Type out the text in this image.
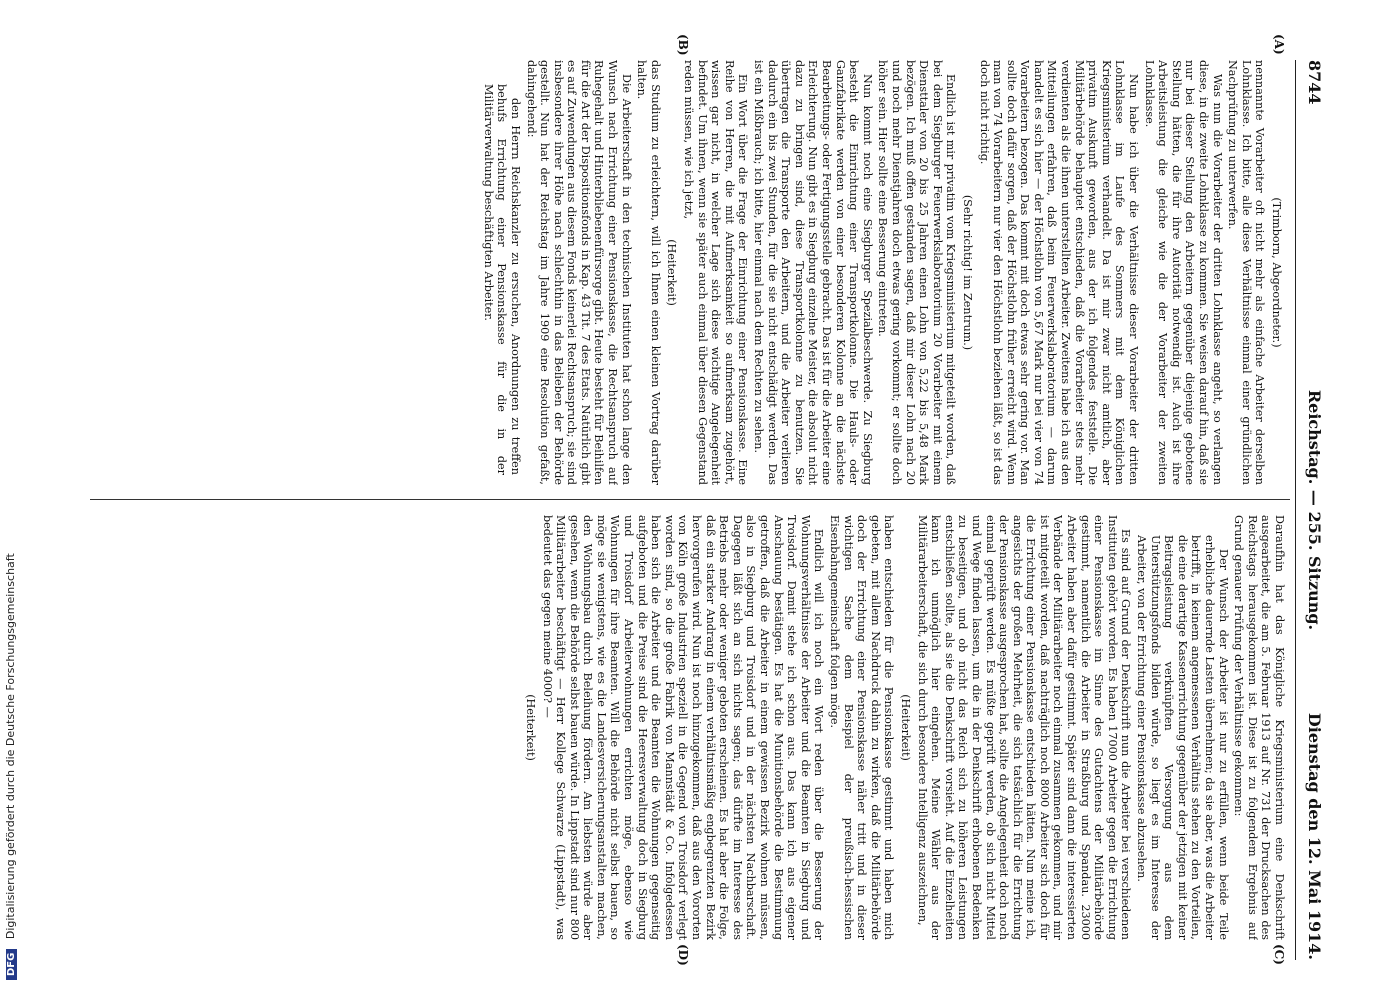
8744
Reichstag. — 255. Sitzung.
Dienstag den 12. Mai 1914.
(A)
(B)
(C)
(D)

(Trimborn, Abgeordneter.)

nennannte Vorarbeiter oft nicht mehr als einfache Arbeiter derselben Lohnklasse. Ich bitte, alle diese Verhältnisse einmal einer gründlichen Nachprüfung zu unterwerfen.

Was nun die Vorarbeiter der dritten Lohnklasse angeht, so verlangen diese, in die zweite Lohnklasse zu kommen. Sie weisen darauf hin, daß sie nur bei dieser Stellung den Arbeitern gegenüber diejenige gebotene Stellung hätten, die für ihre Autorität notwendig ist. Auch ist ihre Arbeitsleistung die gleiche wie die der Vorarbeiter der zweiten Lohnklasse.

Nun habe ich über die Verhältnisse dieser Vorarbeiter der dritten Lohnklasse im Laufe des Sommers mit dem Königlichen Kriegsministerium verhandelt. Da ist mir zwar nicht amtlich, aber privatim Auskunft geworden, aus der ich folgendes feststelle. Die Militärbehörde behauptet entschieden, daß die Vorarbeiter stets mehr verdienten als die ihnen unterstellten Arbeiter. Zweitens habe ich aus den Mitteilungen erfahren, daß beim Feuerwerkslaboratorium — darum handelt es sich hier — der Höchstlohn von 5,67 Mark nur bei vier von 74 Vorarbeitern bezogen. Das kommt mit doch etwas sehr gering vor. Man sollte doch dafür sorgen, daß der Höchstlohn früher erreicht wird. Wenn man von 74 Vorarbeitern nur vier den Höchstlohn beziehen läßt, so ist das doch nicht richtig.

(Sehr richtig! im Zentrum.)

Endlich ist mir privatim vom Kriegsministerium mitgeteilt worden, daß bei dem Siegburger Feuerwerkslaboratorium 20 Vorarbeiter mit einem Diensttaler von 20 bis 25 Jahren einen Lohn von 5,22 bis 5,48 Mark bezögen. Ich muß offen gestanden sagen, daß mir dieser Lohn nach 20 und noch mehr Dienstjahren doch etwas gering vorkommt; er sollte doch höher sein. Hier sollte eine Besserung eintreten.

Nun kommt noch eine Siegburger Spezialbeschwerde. Zu Siegburg besteht die Einrichtung einer Transportkolonne. Die Hauls- oder Ganzfabrikate werden von einer besonderen Kolonne an die nächste Bearbeitungs- oder Fertigungsstelle gebracht. Das ist für die Arbeiter eine Erleichterung. Nun gibt es in Siegburg einzelne Meister, die absolut nicht dazu zu bringen sind, diese Transportkolonne zu benutzen. Sie übertragen die Transporte den Arbeitern, und die Arbeiter verlieren dadurch ein bis zwei Stunden, für die sie nicht entschädigt werden. Das ist ein Mißbrauch; ich bitte, hier einmal nach dem Rechten zu sehen.

Ein Wort über die Frage der Einrichtung einer Pensionskasse. Eine Reihe von Herren, die mit Aufmerksamkeit so aufmerksam zugehört, wissen gar nicht, in welcher Lage sich diese wichtige Angelegenheit befindet. Um ihnen, wenn sie später auch einmal über diesen Gegenstand reden müssen, wie ich jetzt,

(Heiterkeit)

das Studium zu erleichtern, will ich Ihnen einen kleinen Vortrag darüber halten.

Die Arbeiterschaft in den technischen Instituten hat schon lange den Wunsch nach Errichtung einer Pensionskasse, die Rechtsanspruch auf Ruhegehalt und Hinterbliebenenfürsorge gibt. Heute besteht für Beihilfen für die Art der Dispositionsfonds in Kap. 43 Tit. 7 des Etats. Natürlich gibt es auf Zuwendungen aus diesem Fonds keinerlei Rechtsanspruch; sie sind insbesondere ihrer Höhe nach schlechthin in das Belieben der Behörde gestellt. Nun hat der Reichstag im Jahre 1909 eine Resolution gefaßt, dahingehend:

den Herrn Reichskanzler zu ersuchen, Anordnungen zu treffen behufs Errichtung einer Pensionskasse für die in der Militärverwaltung beschäftigten Arbeiter.

Daraufhin hat das Königliche Kriegsministerium eine Denkschrift ausgearbeitet, die am 5. Februar 1913 auf Nr. 731 der Drucksachen des Reichstags herausgekommen ist. Diese ist zu folgendem Ergebnis auf Grund genauer Prüfung der Verhältnisse gekommen:

Der Wunsch der Arbeiter ist nur zu erfüllen, wenn beide Teile erhebliche dauernde Lasten übernehmen; da sie aber, was die Arbeiter betrifft, in keinem angemessenen Verhältnis stehen zu den Vorteilen, die eine derartige Kassenerrichtung gegenüber der jetzigen mit keiner Beitragsleistung verknüpften Versorgung aus dem Unterstützungsfonds bilden würde, so liegt es im Interesse der Arbeiter, von der Errichtung einer Pensionskasse abzusehen.

Es sind auf Grund der Denkschrift nun die Arbeiter bei verschiedenen Instituten gehört worden. Es haben 17000 Arbeiter gegen die Errichtung einer Pensionskasse im Sinne des Gutachtens der Militärbehörde gestimmt, namentlich die Arbeiter in Straßburg und Spandau. 23000 Arbeiter haben aber dafür gestimmt. Später sind dann die interessierten Verbände der Militärarbeiter noch einmal zusammen gekommen, und mir ist mitgeteilt worden, daß nachträglich noch 8000 Arbeiter sich doch für die Errichtung einer Pensionskasse entschieden hätten. Nun meine ich, angesichts der großen Mehrheit, die sich tatsächlich für die Errichtung der Pensionskasse ausgesprochen hat, sollte die Angelegenheit doch noch einmal geprüft werden. Es müßte geprüft werden, ob sich nicht Mittel und Wege finden lassen, um die in der Denkschrift erhobenen Bedenken zu beseitigen, und ob nicht das Reich sich zu höheren Leistungen entschließen sollte, als sie die Denkschrift vorsieht. Auf die Einzelheiten kann ich unmöglich hier eingehen. Meine Wähler aus der Militärarbeiterschaft, die sich durch besondere Intelligenz auszeichnen,

(Heiterkeit)

haben entschieden für die Pensionskasse gestimmt und haben mich gebeten, mit allem Nachdruck dahin zu wirken, daß die Militärbehörde doch der Errichtung einer Pensionskasse näher tritt und in dieser wichtigen Sache dem Beispiel der preußisch-hessischen Eisenbahngemeinschaft folgen möge.

Endlich will ich noch ein Wort reden über die Besserung der Wohnungsverhältnisse der Arbeiter und die Beamten in Siegburg und Troisdorf. Damit stehe ich schon aus. Das kann ich aus eigener Anschauung bestätigen. Es hat die Munitionsbehörde die Bestimmung getroffen, daß die Arbeiter in einem gewissen Bezirk wohnen müssen, also in Siegburg und Troisdorf und in der nächsten Nachbarschaft. Dagegen läßt sich an sich nichts sagen; das dürfte im Interesse des Betriebs mehr oder weniger geboten erscheinen. Es hat aber die Folge, daß ein starker Andrang in einem verhältnismäßig engbegrenzten Bezirk hervorgerufen wird. Nun ist noch hinzugekommen, daß aus den Vororten von Köln große Industrien speziell in die Gegend von Troisdorf verlegt worden sind, so die große Fabrik von Mannstädt & Co. Infolgedessen haben sich die Arbeiter und die Beamten die Wohnungen gegenseitig aufgeboten und die Preise sind die Heeresverwaltung doch in Siegburg und Troisdorf Arbeiterwohnungen errichten möge, ebenso wie Wohnungen für ihre Beamten. Will die Behörde nicht selbst bauen, so möge sie wenigstens, wie es die Landesversicherungsanstalten machen, den Wohnungsbau durch Beleihung fördern. Am liebsten würde aber gesehen, wenn die Behörde selbst bauen würde. In Lippstadt sind nur 800 Militärarbeiter beschäftigt — Herr Kollege Schwarze (Lippstadt), was bedeutet das gegen meine 4000? —

(Heiterkeit)

DFG Digitalisierung gefördert durch die Deutsche Forschungsgemeinschaft
